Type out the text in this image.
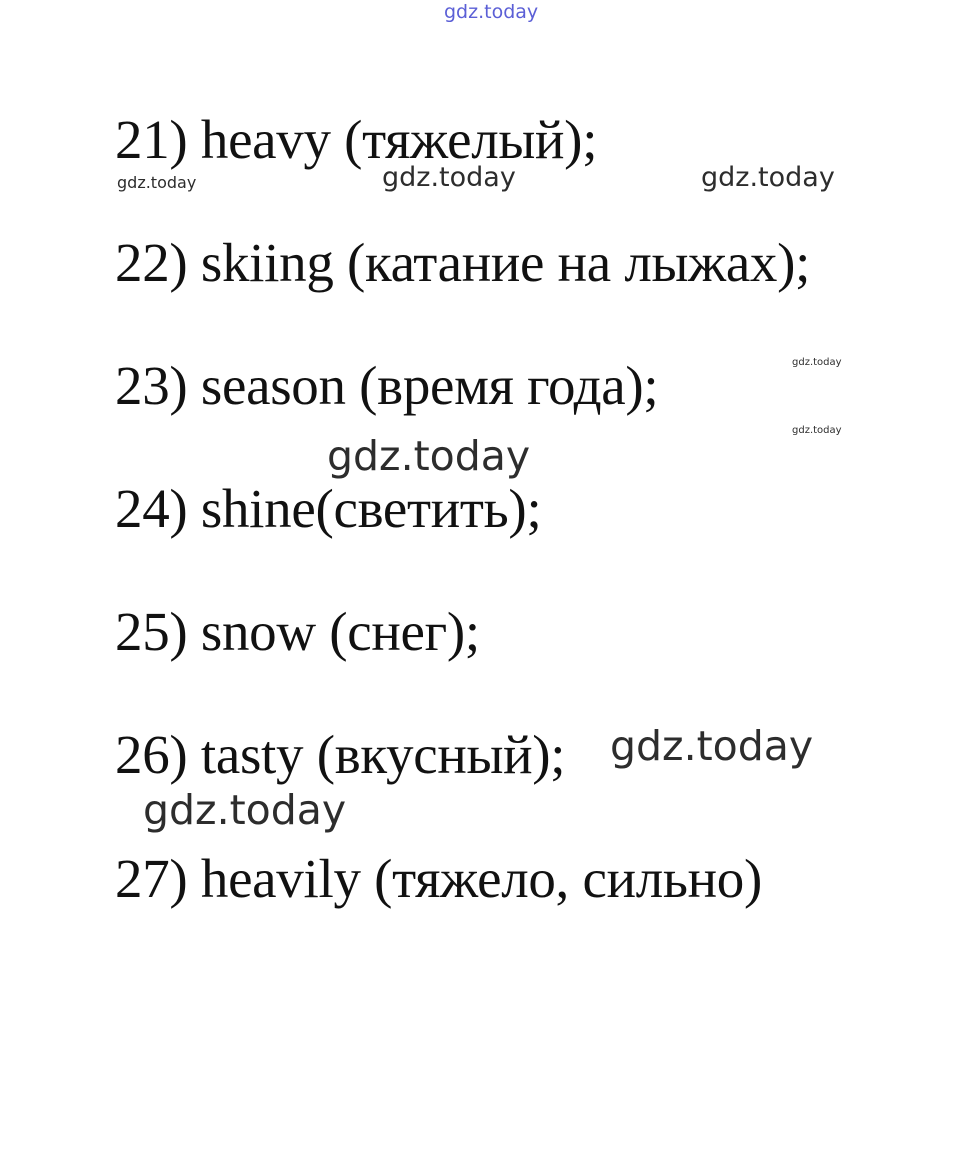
gdz.today
21) heavy (тяжелый);
gdz.today	gdz.today	gdz.today
22) skiing (катание на лыжах);
23) season (время года);	gdz.today
gdz.today
gdz.today
24) shine(светить);
25) snow (снег);
26) tasty (вкусный); gdz.today
gdz.today
27) heavily (тяжело, сильно)
